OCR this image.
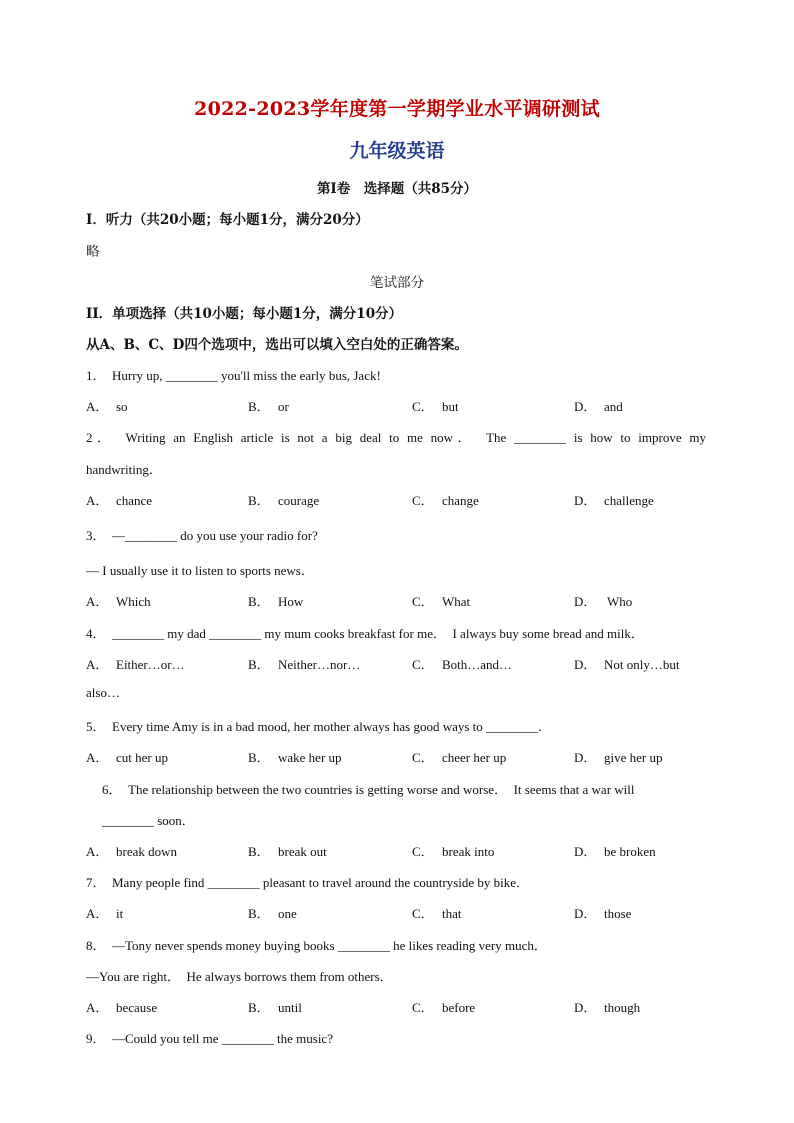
2022-2023学年度第一学期学业水平调研测试
九年级英语
第I卷　选择题（共85分）
I．听力（共20小题；每小题1分，满分20分）
略
笔试部分
II．单项选择（共10小题；每小题1分，满分10分）
从A、B、C、D四个选项中，选出可以填入空白处的正确答案。
1．　Hurry up, ________ you'll miss the early bus, Jack!
A． so	B． or	C． but	D． and
2．　Writing an English article is not a big deal to me now．　The ________ is how to improve my
handwriting．
A． chance	B． courage	C． change	D． challenge
3．　—________ do you use your radio for?
— I usually use it to listen to sports news．
A． Which	B． How	C． What	D． Who
4．　________ my dad ________ my mum cooks breakfast for me．　I always buy some bread and milk．
A． Either…or…	B． Neither…nor…	C． Both…and…	D． Not only…but
also…
5．　Every time Amy is in a bad mood, her mother always has good ways to ________．
A． cut her up	B． wake her up	C． cheer her up	D． give her up
6．　The relationship between the two countries is getting worse and worse．　It seems that a war will
________ soon．
A． break down	B． break out	C． break into	D． be broken
7．　Many people find ________ pleasant to travel around the countryside by bike．
A． it	B． one	C． that	D． those
8．　—Tony never spends money buying books ________ he likes reading very much．
—You are right．　He always borrows them from others．
A． because	B． until	C． before	D． though
9．　—Could you tell me ________ the music?
